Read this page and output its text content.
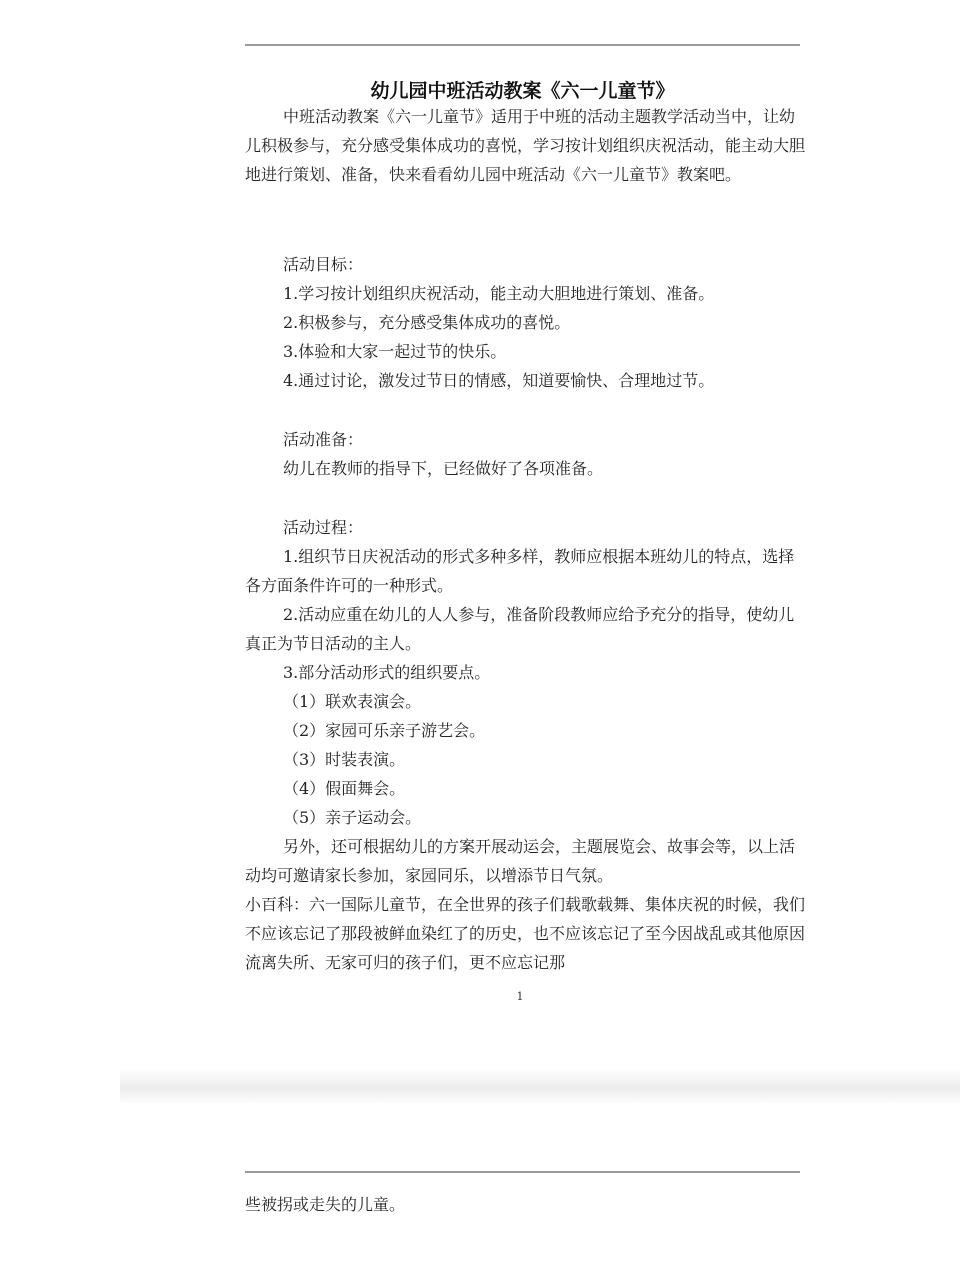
幼儿园中班活动教案《六一儿童节》

中班活动教案《六一儿童节》适用于中班的活动主题教学活动当中，让幼儿积极参与，充分感受集体成功的喜悦，学习按计划组织庆祝活动，能主动大胆地进行策划、准备，快来看看幼儿园中班活动《六一儿童节》教案吧。

活动目标：

1.学习按计划组织庆祝活动，能主动大胆地进行策划、准备。

2.积极参与，充分感受集体成功的喜悦。

3.体验和大家一起过节的快乐。

4.通过讨论，激发过节日的情感，知道要愉快、合理地过节。

活动准备：

幼儿在教师的指导下，已经做好了各项准备。

活动过程：

1.组织节日庆祝活动的形式多种多样，教师应根据本班幼儿的特点，选择各方面条件许可的一种形式。

2.活动应重在幼儿的人人参与，准备阶段教师应给予充分的指导，使幼儿真正为节日活动的主人。

3.部分活动形式的组织要点。

（1）联欢表演会。

（2）家园可乐亲子游艺会。

（3）时装表演。

（4）假面舞会。

（5）亲子运动会。

另外，还可根据幼儿的方案开展动运会，主题展览会、故事会等，以上活动均可邀请家长参加，家园同乐，以增添节日气氛。

小百科：六一国际儿童节，在全世界的孩子们载歌载舞、集体庆祝的时候，我们不应该忘记了那段被鲜血染红了的历史，也不应该忘记了至今因战乱或其他原因流离失所、无家可归的孩子们，更不应忘记那

1
些被拐或走失的儿童。
